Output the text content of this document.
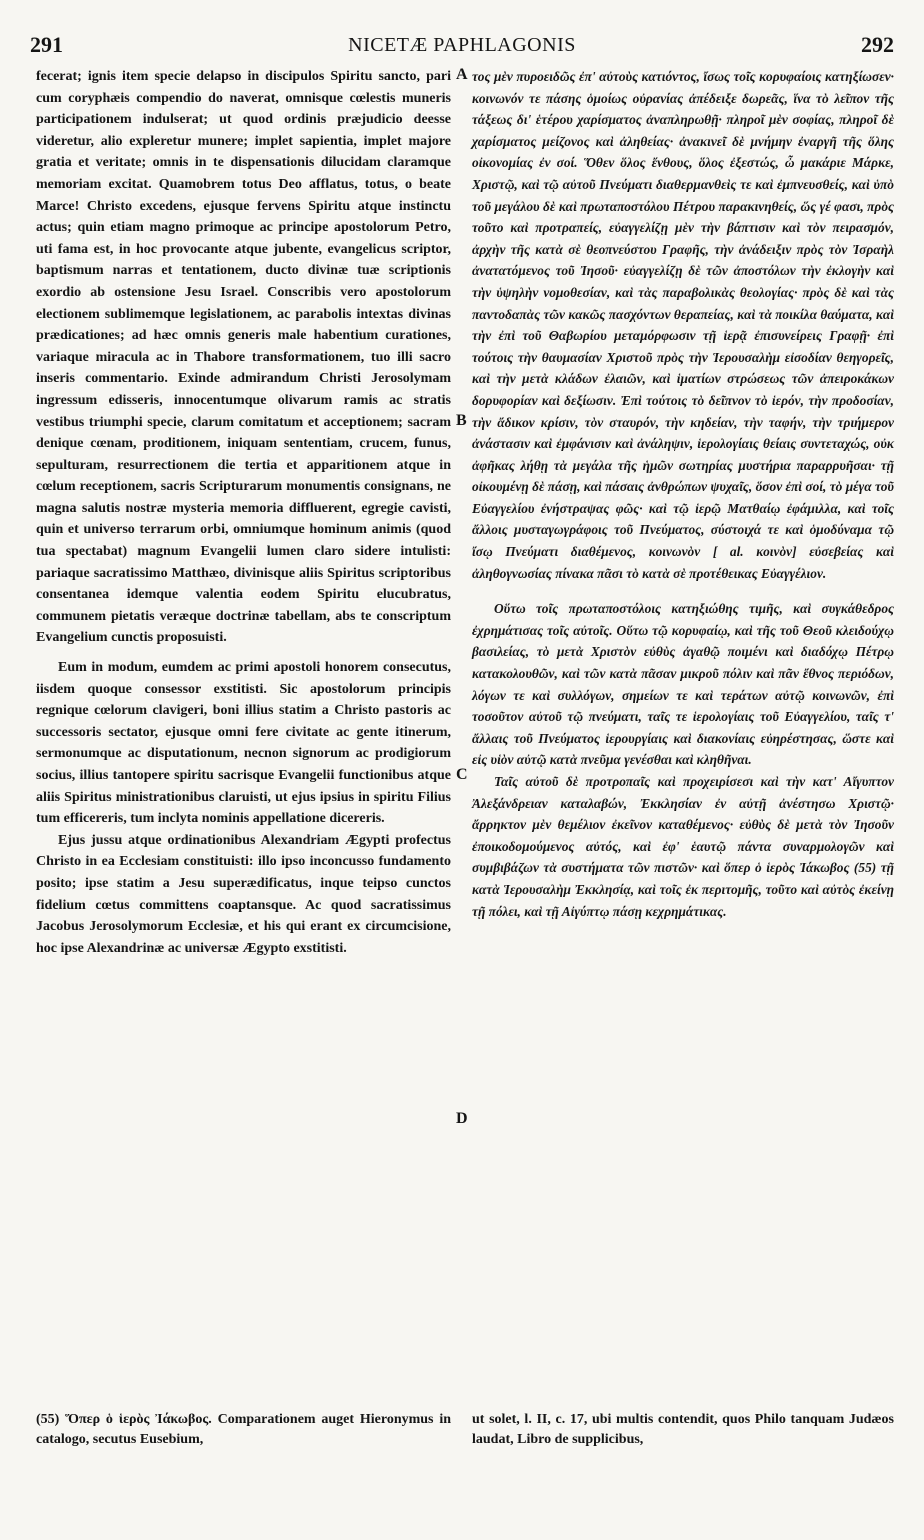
291	NICETÆ PAPHLAGONIS	292

fecerat; ignis item specie delapso in discipulos Spiritu sancto, pari cum coryphæis compendio do naverat, omnisque cœlestis muneris participationem indulserat; ut quod ordinis præjudicio deesse videretur, alio expleretur munere; implet sapientia, implet majore gratia et veritate; omnis in te dispensationis dilucidam claramque memoriam excitat. Quamobrem totus Deo afflatus, totus, o beate Marce! Christo excedens, ejusque fervens Spiritu atque instinctu actus; quin etiam magno primoque ac principe apostolorum Petro, uti fama est, in hoc provocante atque jubente, evangelicus scriptor, baptismum narras et tentationem, ducto divinæ tuæ scriptionis exordio ab ostensione Jesu Israel. Conscribis vero apostolorum electionem sublimemque legislationem, ac parabolis intextas divinas prædicationes; ad hæc omnis generis male habentium curationes, variaque miracula ac in Thabore transformationem, tuo illi sacro inseris commentario. Exinde admirandum Christi Jerosolymam ingressum edisseris, innocentumque olivarum ramis ac stratis vestibus triumphi specie, clarum comitatum et acceptionem; sacram denique cœnam, proditionem, iniquam sententiam, crucem, funus, sepulturam, resurrectionem die tertia et apparitionem atque in cœlum receptionem, sacris Scripturarum monumentis consignans, ne magna salutis nostræ mysteria memoria diffluerent, egregie cavisti, quin et universo terrarum orbi, omniumque hominum animis (quod tua spectabat) magnum Evangelii lumen claro sidere intulisti: pariaque sacratissimo Matthæo, divinisque aliis Spiritus scriptoribus consentanea idemque valentia eodem Spiritu elucubratus, communem pietatis veræque doctrinæ tabellam, abs te conscriptum Evangelium cunctis proposuisti.

Eum in modum, eumdem ac primi apostoli honorem consecutus, iisdem quoque consessor exstitisti. Sic apostolorum principis regnique cœlorum clavigeri, boni illius statim a Christo pastoris ac successoris sectator, ejusque omni fere civitate ac gente itinerum, sermonumque ac disputationum, necnon signorum ac prodigiorum socius, illius tantopere spiritu sacrisque Evangelii functionibus atque aliis Spiritus ministrationibus claruisti, ut ejus ipsius in spiritu Filius tum efficereris, tum inclyta nominis appellatione dicereris.

Ejus jussu atque ordinationibus Alexandriam Ægypti profectus Christo in ea Ecclesiam constituisti: illo ipso inconcusso fundamento posito; ipse statim a Jesu superædificatus, inque teipso cunctos fidelium cœtus committens coaptansque. Ac quod sacratissimus Jacobus Jerosolymorum Ecclesiæ, et his qui erant ex circumcisione, hoc ipse Alexandrinæ ac universæ Ægypto exstitisti.

A
B
C
D

τος μὲν πυροειδῶς ἐπ' αὐτοὺς κατιόντος, ἴσως τοῖς κορυφαίοις κατηξίωσεν· κοινωνόν τε πάσης ὁμοίως οὐρανίας ἀπέδειξε δωρεᾶς, ἵνα τὸ λεῖπον τῆς τάξεως δι' ἑτέρου χαρίσματος ἀναπληρωθῇ· πληροῖ μὲν σοφίας, πληροῖ δὲ χαρίσματος μείζονος καὶ ἀληθείας· ἀνακινεῖ δὲ μνήμην ἐναργῆ τῆς ὅλης οἰκονομίας ἐν σοί. Ὅθεν ὅλος ἔνθους, ὅλος ἐξεστώς, ὦ μακάριε Μάρκε, Χριστῷ, καὶ τῷ αὐτοῦ Πνεύματι διαθερμανθεὶς τε καὶ ἐμπνευσθείς, καὶ ὑπὸ τοῦ μεγάλου δὲ καὶ πρωταποστόλου Πέτρου παρακινηθείς, ὥς γέ φασι, πρὸς τοῦτο καὶ προτραπείς, εὐαγγελίζῃ μὲν τὴν βάπτισιν καὶ τὸν πειρασμόν, ἀρχὴν τῆς κατὰ σὲ θεοπνεύστου Γραφῆς, τὴν ἀνάδειξιν πρὸς τὸν Ἰσραὴλ ἀνατατόμενος τοῦ Ἰησοῦ· εὐαγγελίζῃ δὲ τῶν ἀποστόλων τὴν ἐκλογὴν καὶ τὴν ὑψηλὴν νομοθεσίαν, καὶ τὰς παραβολικὰς θεολογίας· πρὸς δὲ καὶ τὰς παντοδαπὰς τῶν κακῶς πασχόντων θεραπείας, καὶ τὰ ποικίλα θαύματα, καὶ τὴν ἐπὶ τοῦ Θαβωρίου μεταμόρφωσιν τῇ ἱερᾷ ἐπισυνείρεις Γραφῇ· ἐπὶ τούτοις τὴν θαυμασίαν Χριστοῦ πρὸς τὴν Ἱερουσαλὴμ εἰσοδίαν θεηγορεῖς, καὶ τὴν μετὰ κλάδων ἐλαιῶν, καὶ ἱματίων στρώσεως τῶν ἀπειροκάκων δορυφορίαν καὶ δεξίωσιν. Ἐπὶ τούτοις τὸ δεῖπνον τὸ ἱερόν, τὴν προδοσίαν, τὴν ἄδικον κρίσιν, τὸν σταυρόν, τὴν κηδείαν, τὴν ταφήν, τὴν τριήμερον ἀνάστασιν καὶ ἐμφάνισιν καὶ ἀνάληψιν, ἱερολογίαις θείαις συντεταχώς, οὐκ ἀφῆκας λήθῃ τὰ μεγάλα τῆς ἡμῶν σωτηρίας μυστήρια παραρρυῆσαι· τῇ οἰκουμένῃ δὲ πάσῃ, καὶ πάσαις ἀνθρώπων ψυχαῖς, ὅσον ἐπὶ σοί, τὸ μέγα τοῦ Εὐαγγελίου ἐνήστραψας φῶς· καὶ τῷ ἱερῷ Ματθαίῳ ἐφάμιλλα, καὶ τοῖς ἄλλοις μυσταγωγράφοις τοῦ Πνεύματος, σύστοιχά τε καὶ ὁμοδύναμα τῷ ἴσῳ Πνεύματι διαθέμενος, κοινωνὸν [ al. κοινὸν] εὐσεβείας καὶ ἀληθογνωσίας πίνακα πᾶσι τὸ κατὰ σὲ προτέθεικας Εὐαγγέλιον.

Οὕτω τοῖς πρωταποστόλοις κατηξιώθης τιμῆς, καὶ συγκάθεδρος ἐχρημάτισας τοῖς αὐτοῖς. Οὕτω τῷ κορυφαίῳ, καὶ τῆς τοῦ Θεοῦ κλειδούχῳ βασιλείας, τὸ μετὰ Χριστὸν εὐθὺς ἀγαθῷ ποιμένι καὶ διαδόχῳ Πέτρῳ κατακολουθῶν, καὶ τῶν κατὰ πᾶσαν μικροῦ πόλιν καὶ πᾶν ἔθνος περιόδων, λόγων τε καὶ συλλόγων, σημείων τε καὶ τεράτων αὐτῷ κοινωνῶν, ἐπὶ τοσοῦτον αὐτοῦ τῷ πνεύματι, ταῖς τε ἱερολογίαις τοῦ Εὐαγγελίου, ταῖς τ' ἄλλαις τοῦ Πνεύματος ἱερουργίαις καὶ διακονίαις εὐηρέστησας, ὥστε καὶ εἰς υἱὸν αὐτῷ κατὰ πνεῦμα γενέσθαι καὶ κληθῆναι.

Ταῖς αὐτοῦ δὲ προτροπαῖς καὶ προχειρίσεσι καὶ τὴν κατ' Αἴγυπτον Ἀλεξάνδρειαν καταλαβών, Ἐκκλησίαν ἐν αὐτῇ ἀνέστησω Χριστῷ· ἄρρηκτον μὲν θεμέλιον ἐκεῖνον καταθέμενος· εὐθὺς δὲ μετὰ τὸν Ἰησοῦν ἐποικοδομούμενος αὐτός, καὶ ἐφ' ἑαυτῷ πάντα συναρμολογῶν καὶ συμβιβάζων τὰ συστήματα τῶν πιστῶν· καὶ ὅπερ ὁ ἱερὸς Ἰάκωβος (55) τῇ κατὰ Ἱερουσαλὴμ Ἐκκλησίᾳ, καὶ τοῖς ἐκ περιτομῆς, τοῦτο καὶ αὐτὸς ἐκείνῃ τῇ πόλει, καὶ τῇ Αἰγύπτῳ πάσῃ κεχρημάτικας.

(55) Ὅπερ ὁ ἱερὸς Ἰάκωβος. Comparationem auget Hieronymus in catalogo, secutus Eusebium,
ut solet, l. II, c. 17, ubi multis contendit, quos Philo tanquam Judæos laudat, Libro de supplicibus,
